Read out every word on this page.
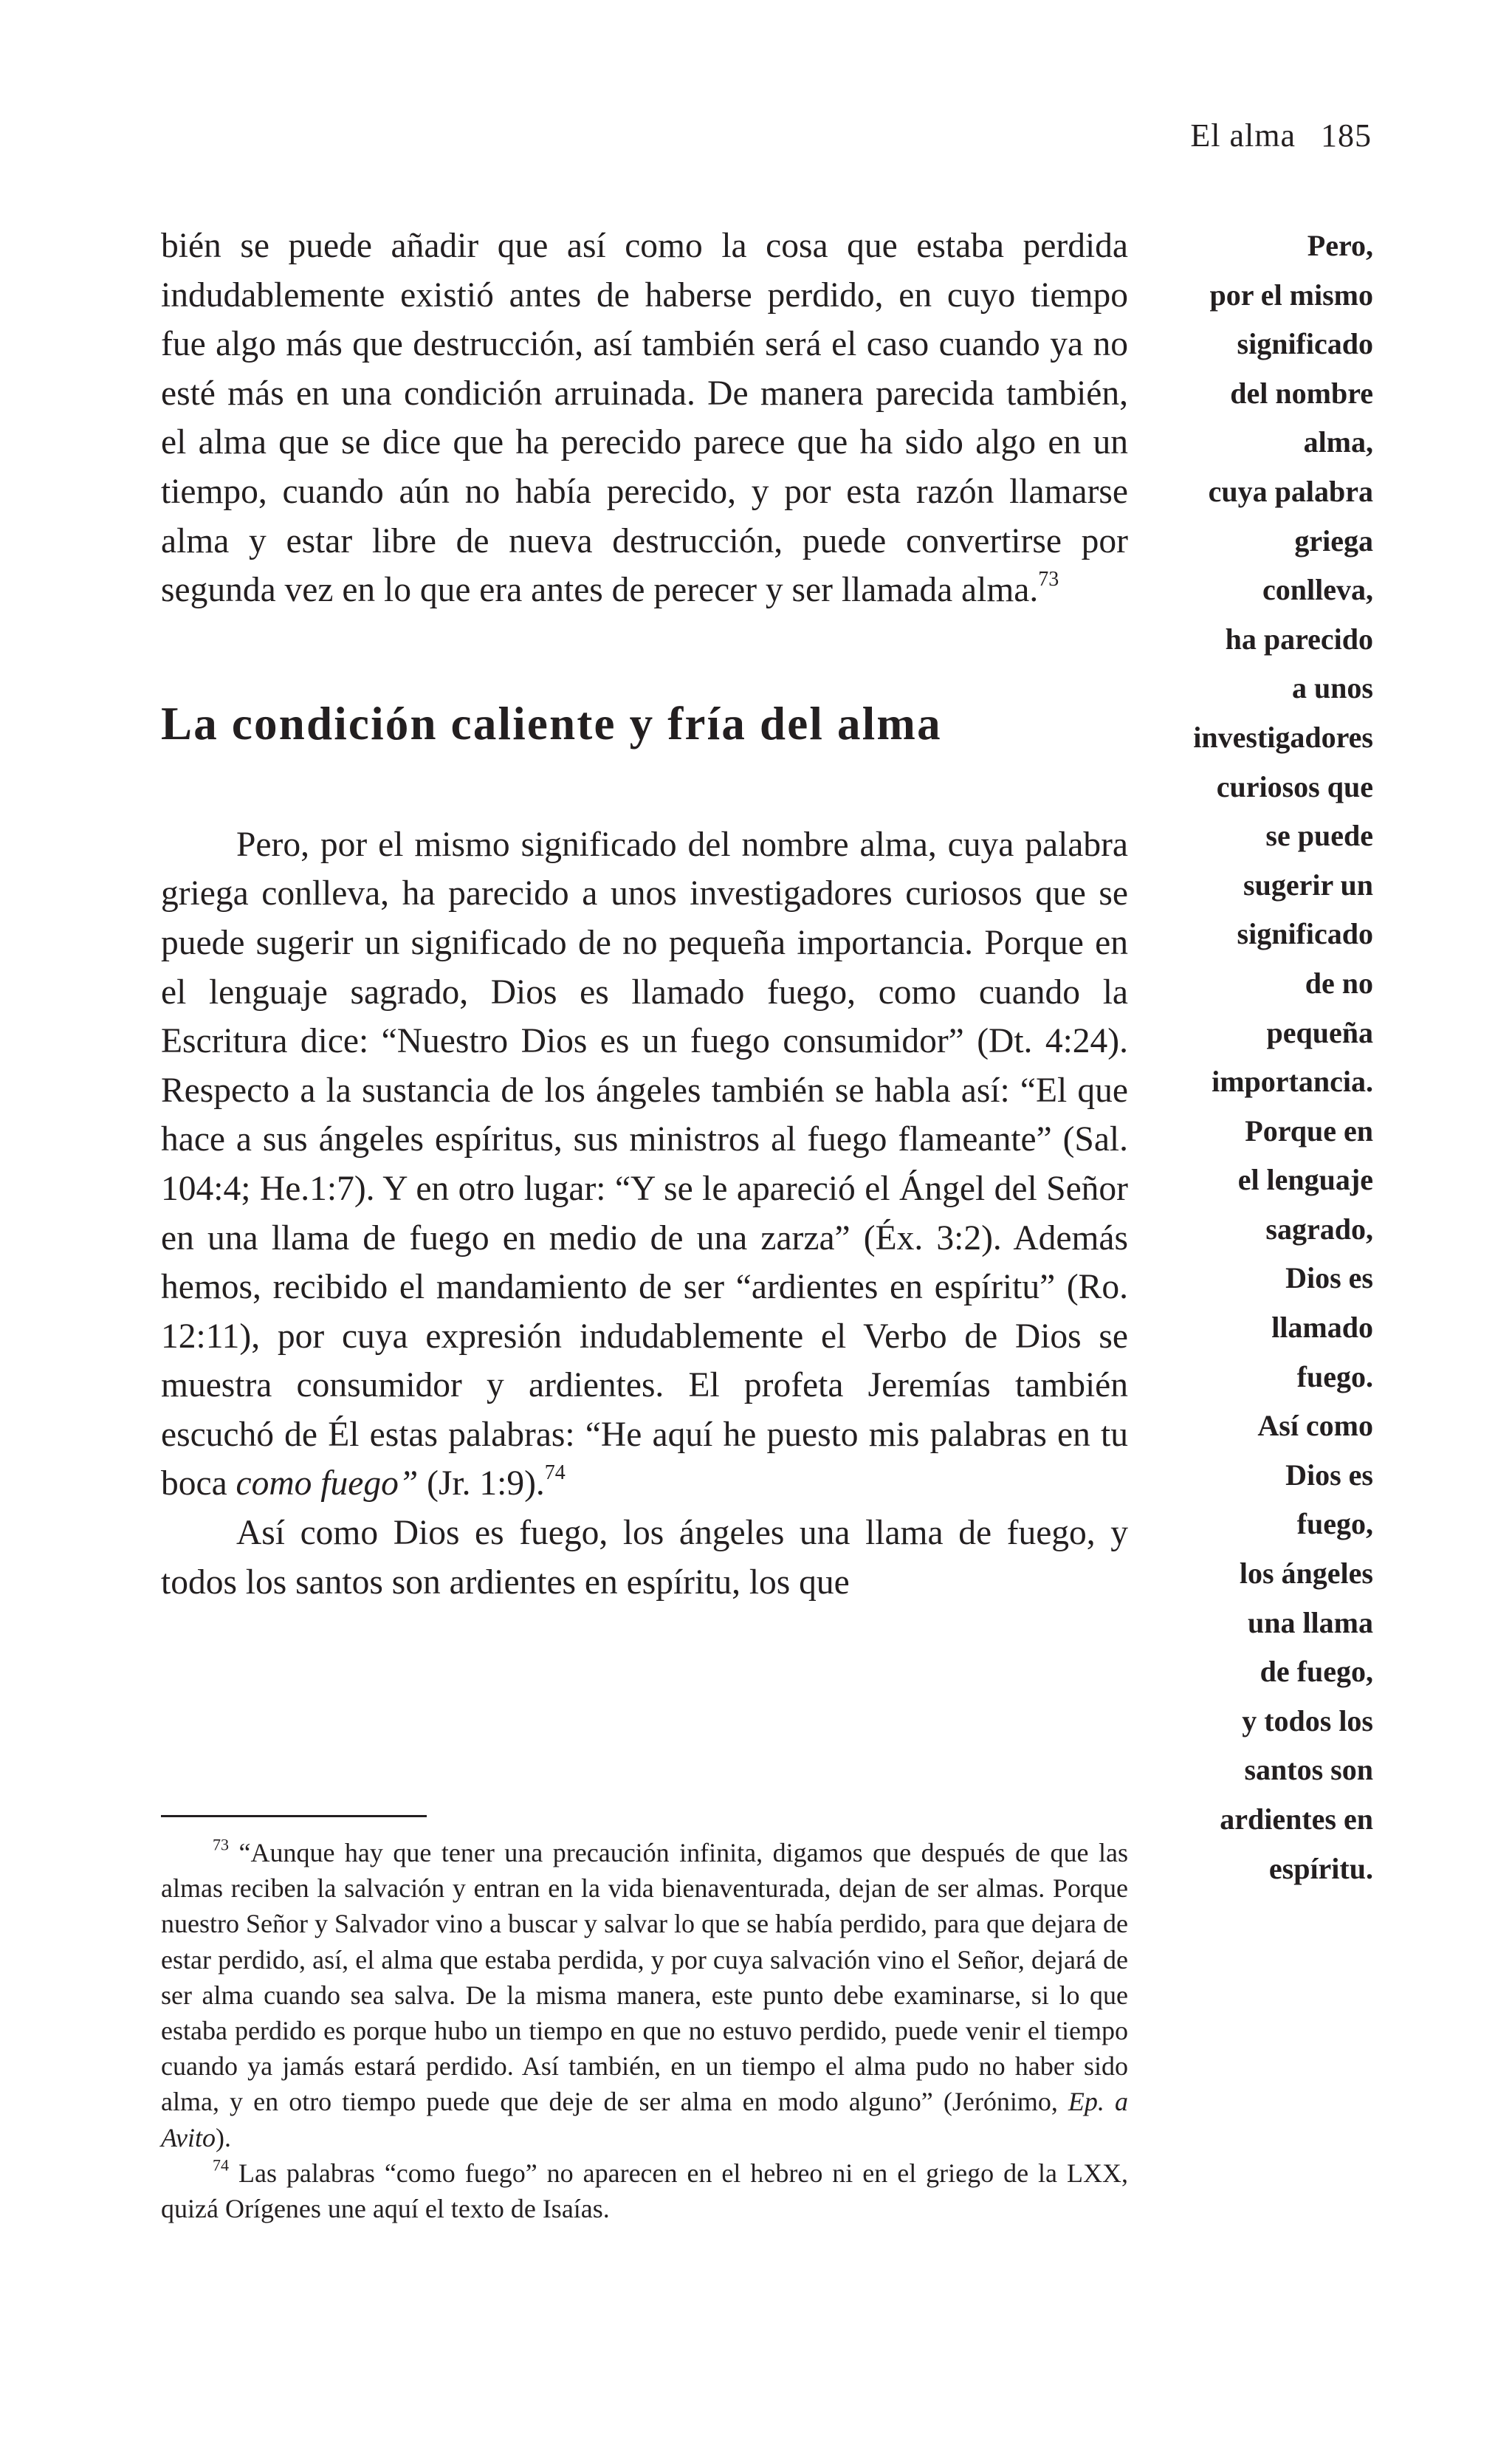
El alma 185

bién se puede añadir que así como la cosa que estaba perdida indudablemente existió antes de haberse perdido, en cuyo tiempo fue algo más que destrucción, así también será el caso cuando ya no esté más en una condición arruinada. De manera parecida también, el alma que se dice que ha perecido parece que ha sido algo en un tiempo, cuando aún no había perecido, y por esta razón llamarse alma y estar libre de nueva destrucción, puede convertirse por segunda vez en lo que era antes de perecer y ser llamada alma.$^{73}$

La condición caliente y fría del alma

Pero, por el mismo significado del nombre alma, cuya palabra griega conlleva, ha parecido a unos investigadores curiosos que se puede sugerir un significado de no pequeña importancia. Porque en el lenguaje sagrado, Dios es llamado fuego, como cuando la Escritura dice: “Nuestro Dios es un fuego consumidor” (Dt. 4:24). Respecto a la sustancia de los ángeles también se habla así: “El que hace a sus ángeles espíritus, sus ministros al fuego flameante” (Sal. 104:4; He.1:7). Y en otro lugar: “Y se le apareció el Ángel del Señor en una llama de fuego en medio de una zarza” (Éx. 3:2). Además hemos, recibido el mandamiento de ser “ardientes en espíritu” (Ro. 12:11), por cuya expresión indudablemente el Verbo de Dios se muestra consumidor y ardientes. El profeta Jeremías también escuchó de Él estas palabras: “He aquí he puesto mis palabras en tu boca como fuego” (Jr. 1:9).$^{74}$

Así como Dios es fuego, los ángeles una llama de fuego, y todos los santos son ardientes en espíritu, los que

$^{73}$ “Aunque hay que tener una precaución infinita, digamos que después de que las almas reciben la salvación y entran en la vida bienaventurada, dejan de ser almas. Porque nuestro Señor y Salvador vino a buscar y salvar lo que se había perdido, para que dejara de estar perdido, así, el alma que estaba perdida, y por cuya salvación vino el Señor, dejará de ser alma cuando sea salva. De la misma manera, este punto debe examinarse, si lo que estaba perdido es porque hubo un tiempo en que no estuvo perdido, puede venir el tiempo cuando ya jamás estará perdido. Así también, en un tiempo el alma pudo no haber sido alma, y en otro tiempo puede que deje de ser alma en modo alguno” (Jerónimo, Ep. a Avito).

$^{74}$ Las palabras “como fuego” no aparecen en el hebreo ni en el griego de la LXX, quizá Orígenes une aquí el texto de Isaías.

Pero,
por el mismo
significado
del nombre
alma,
cuya palabra
griega
conlleva,
ha parecido
a unos
investigadores
curiosos que
se puede
sugerir un
significado
de no
pequeña
importancia.
Porque en
el lenguaje
sagrado,
Dios es
llamado
fuego.
Así como
Dios es
fuego,
los ángeles
una llama
de fuego,
y todos los
santos son
ardientes en
espíritu.
